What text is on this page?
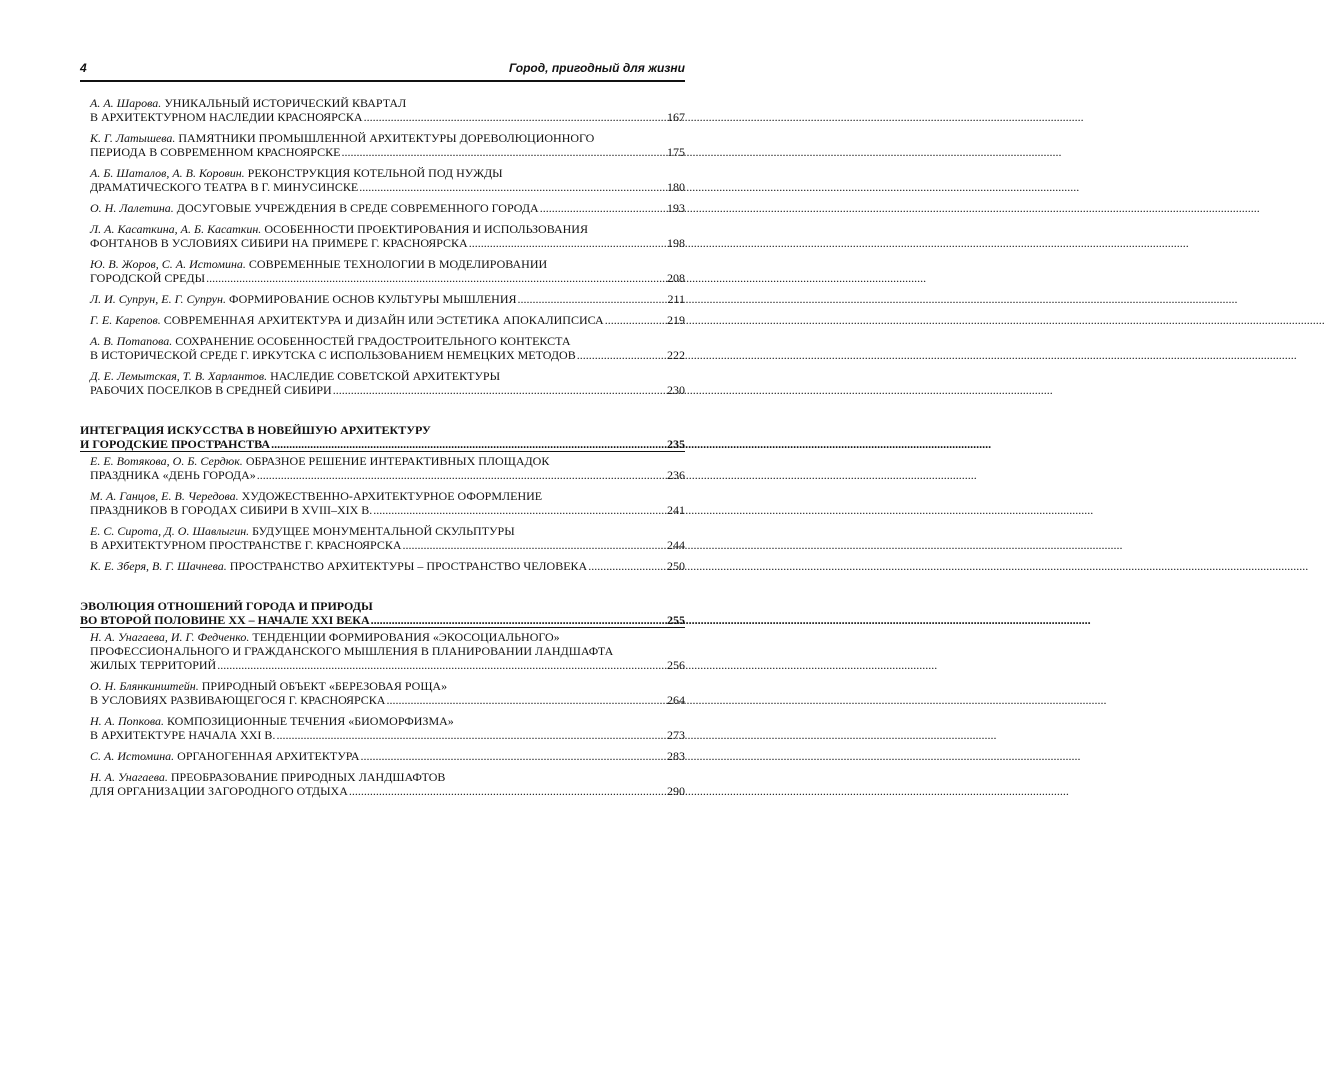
4	Город, пригодный для жизни
А. А. Шарова. УНИКАЛЬНЫЙ ИСТОРИЧЕСКИЙ КВАРТАЛ
В АРХИТЕКТУРНОМ НАСЛЕДИИ КРАСНОЯРСКА .....	167
К. Г. Латышева. ПАМЯТНИКИ ПРОМЫШЛЕННОЙ АРХИТЕКТУРЫ ДОРЕВОЛЮЦИОННОГО
ПЕРИОДА В СОВРЕМЕННОМ КРАСНОЯРСКЕ .....	175
А. Б. Шаталов, А. В. Коровин. РЕКОНСТРУКЦИЯ КОТЕЛЬНОЙ ПОД НУЖДЫ
ДРАМАТИЧЕСКОГО ТЕАТРА В Г. МИНУСИНСКЕ .....	180
О. Н. Лалетина. ДОСУГОВЫЕ УЧРЕЖДЕНИЯ В СРЕДЕ СОВРЕМЕННОГО ГОРОДА .....	193
Л. А. Касаткина, А. Б. Касаткин. ОСОБЕННОСТИ ПРОЕКТИРОВАНИЯ И ИСПОЛЬЗОВАНИЯ
ФОНТАНОВ В УСЛОВИЯХ СИБИРИ НА ПРИМЕРЕ Г. КРАСНОЯРСКА .....	198
Ю. В. Жоров, С. А. Истомина. СОВРЕМЕННЫЕ ТЕХНОЛОГИИ В МОДЕЛИРОВАНИИ
ГОРОДСКОЙ СРЕДЫ .....	208
Л. И. Супрун, Е. Г. Супрун. ФОРМИРОВАНИЕ ОСНОВ КУЛЬТУРЫ МЫШЛЕНИЯ .....	211
Г. Е. Карепов. СОВРЕМЕННАЯ АРХИТЕКТУРА И ДИЗАЙН ИЛИ ЭСТЕТИКА АПОКАЛИПСИСА .....	219
А. В. Потапова. СОХРАНЕНИЕ ОСОБЕННОСТЕЙ ГРАДОСТРОИТЕЛЬНОГО КОНТЕКСТА
В ИСТОРИЧЕСКОЙ СРЕДЕ Г. ИРКУТСКА С ИСПОЛЬЗОВАНИЕМ НЕМЕЦКИХ МЕТОДОВ .....	222
Д. Е. Лемытская, Т. В. Харлантов. НАСЛЕДИЕ СОВЕТСКОЙ АРХИТЕКТУРЫ
РАБОЧИХ ПОСЕЛКОВ В СРЕДНЕЙ СИБИРИ .....	230
ИНТЕГРАЦИЯ ИСКУССТВА В НОВЕЙШУЮ АРХИТЕКТУРУ
И ГОРОДСКИЕ ПРОСТРАНСТВА .....	235
Е. Е. Вотякова, О. Б. Сердюк. ОБРАЗНОЕ РЕШЕНИЕ ИНТЕРАКТИВНЫХ ПЛОЩАДОК
ПРАЗДНИКА «ДЕНЬ ГОРОДА» .....	236
М. А. Ганцов, Е. В. Чередова. ХУДОЖЕСТВЕННО-АРХИТЕКТУРНОЕ ОФОРМЛЕНИЕ
ПРАЗДНИКОВ В ГОРОДАХ СИБИРИ В XVIII–XIX В. .....	241
Е. С. Сирота, Д. О. Шавлыгин. БУДУЩЕЕ МОНУМЕНТАЛЬНОЙ СКУЛЬПТУРЫ
В АРХИТЕКТУРНОМ ПРОСТРАНСТВЕ Г. КРАСНОЯРСКА .....	244
К. Е. Зберя, В. Г. Шачнева. ПРОСТРАНСТВО АРХИТЕКТУРЫ – ПРОСТРАНСТВО ЧЕЛОВЕКА .....	250
ЭВОЛЮЦИЯ ОТНОШЕНИЙ ГОРОДА И ПРИРОДЫ
ВО ВТОРОЙ ПОЛОВИНЕ XX – НАЧАЛЕ XXI ВЕКА .....	255
Н. А. Унагаева, И. Г. Федченко. ТЕНДЕНЦИИ ФОРМИРОВАНИЯ «ЭКОСОЦИАЛЬНОГО»
ПРОФЕССИОНАЛЬНОГО И ГРАЖДАНСКОГО МЫШЛЕНИЯ В ПЛАНИРОВАНИИ ЛАНДШАФТА
ЖИЛЫХ ТЕРРИТОРИЙ .....	256
О. Н. Блянкинштейн. ПРИРОДНЫЙ ОБЪЕКТ «БЕРЕЗОВАЯ РОЩА»
В УСЛОВИЯХ РАЗВИВАЮЩЕГОСЯ Г. КРАСНОЯРСКА .....	264
Н. А. Попкова. КОМПОЗИЦИОННЫЕ ТЕЧЕНИЯ «БИОМОРФИЗМА»
В АРХИТЕКТУРЕ НАЧАЛА XXI В. .....	273
С. А. Истомина. ОРГАНОГЕННАЯ АРХИТЕКТУРА .....	283
Н. А. Унагаева. ПРЕОБРАЗОВАНИЕ ПРИРОДНЫХ ЛАНДШАФТОВ
ДЛЯ ОРГАНИЗАЦИИ ЗАГОРОДНОГО ОТДЫХА .....	290
